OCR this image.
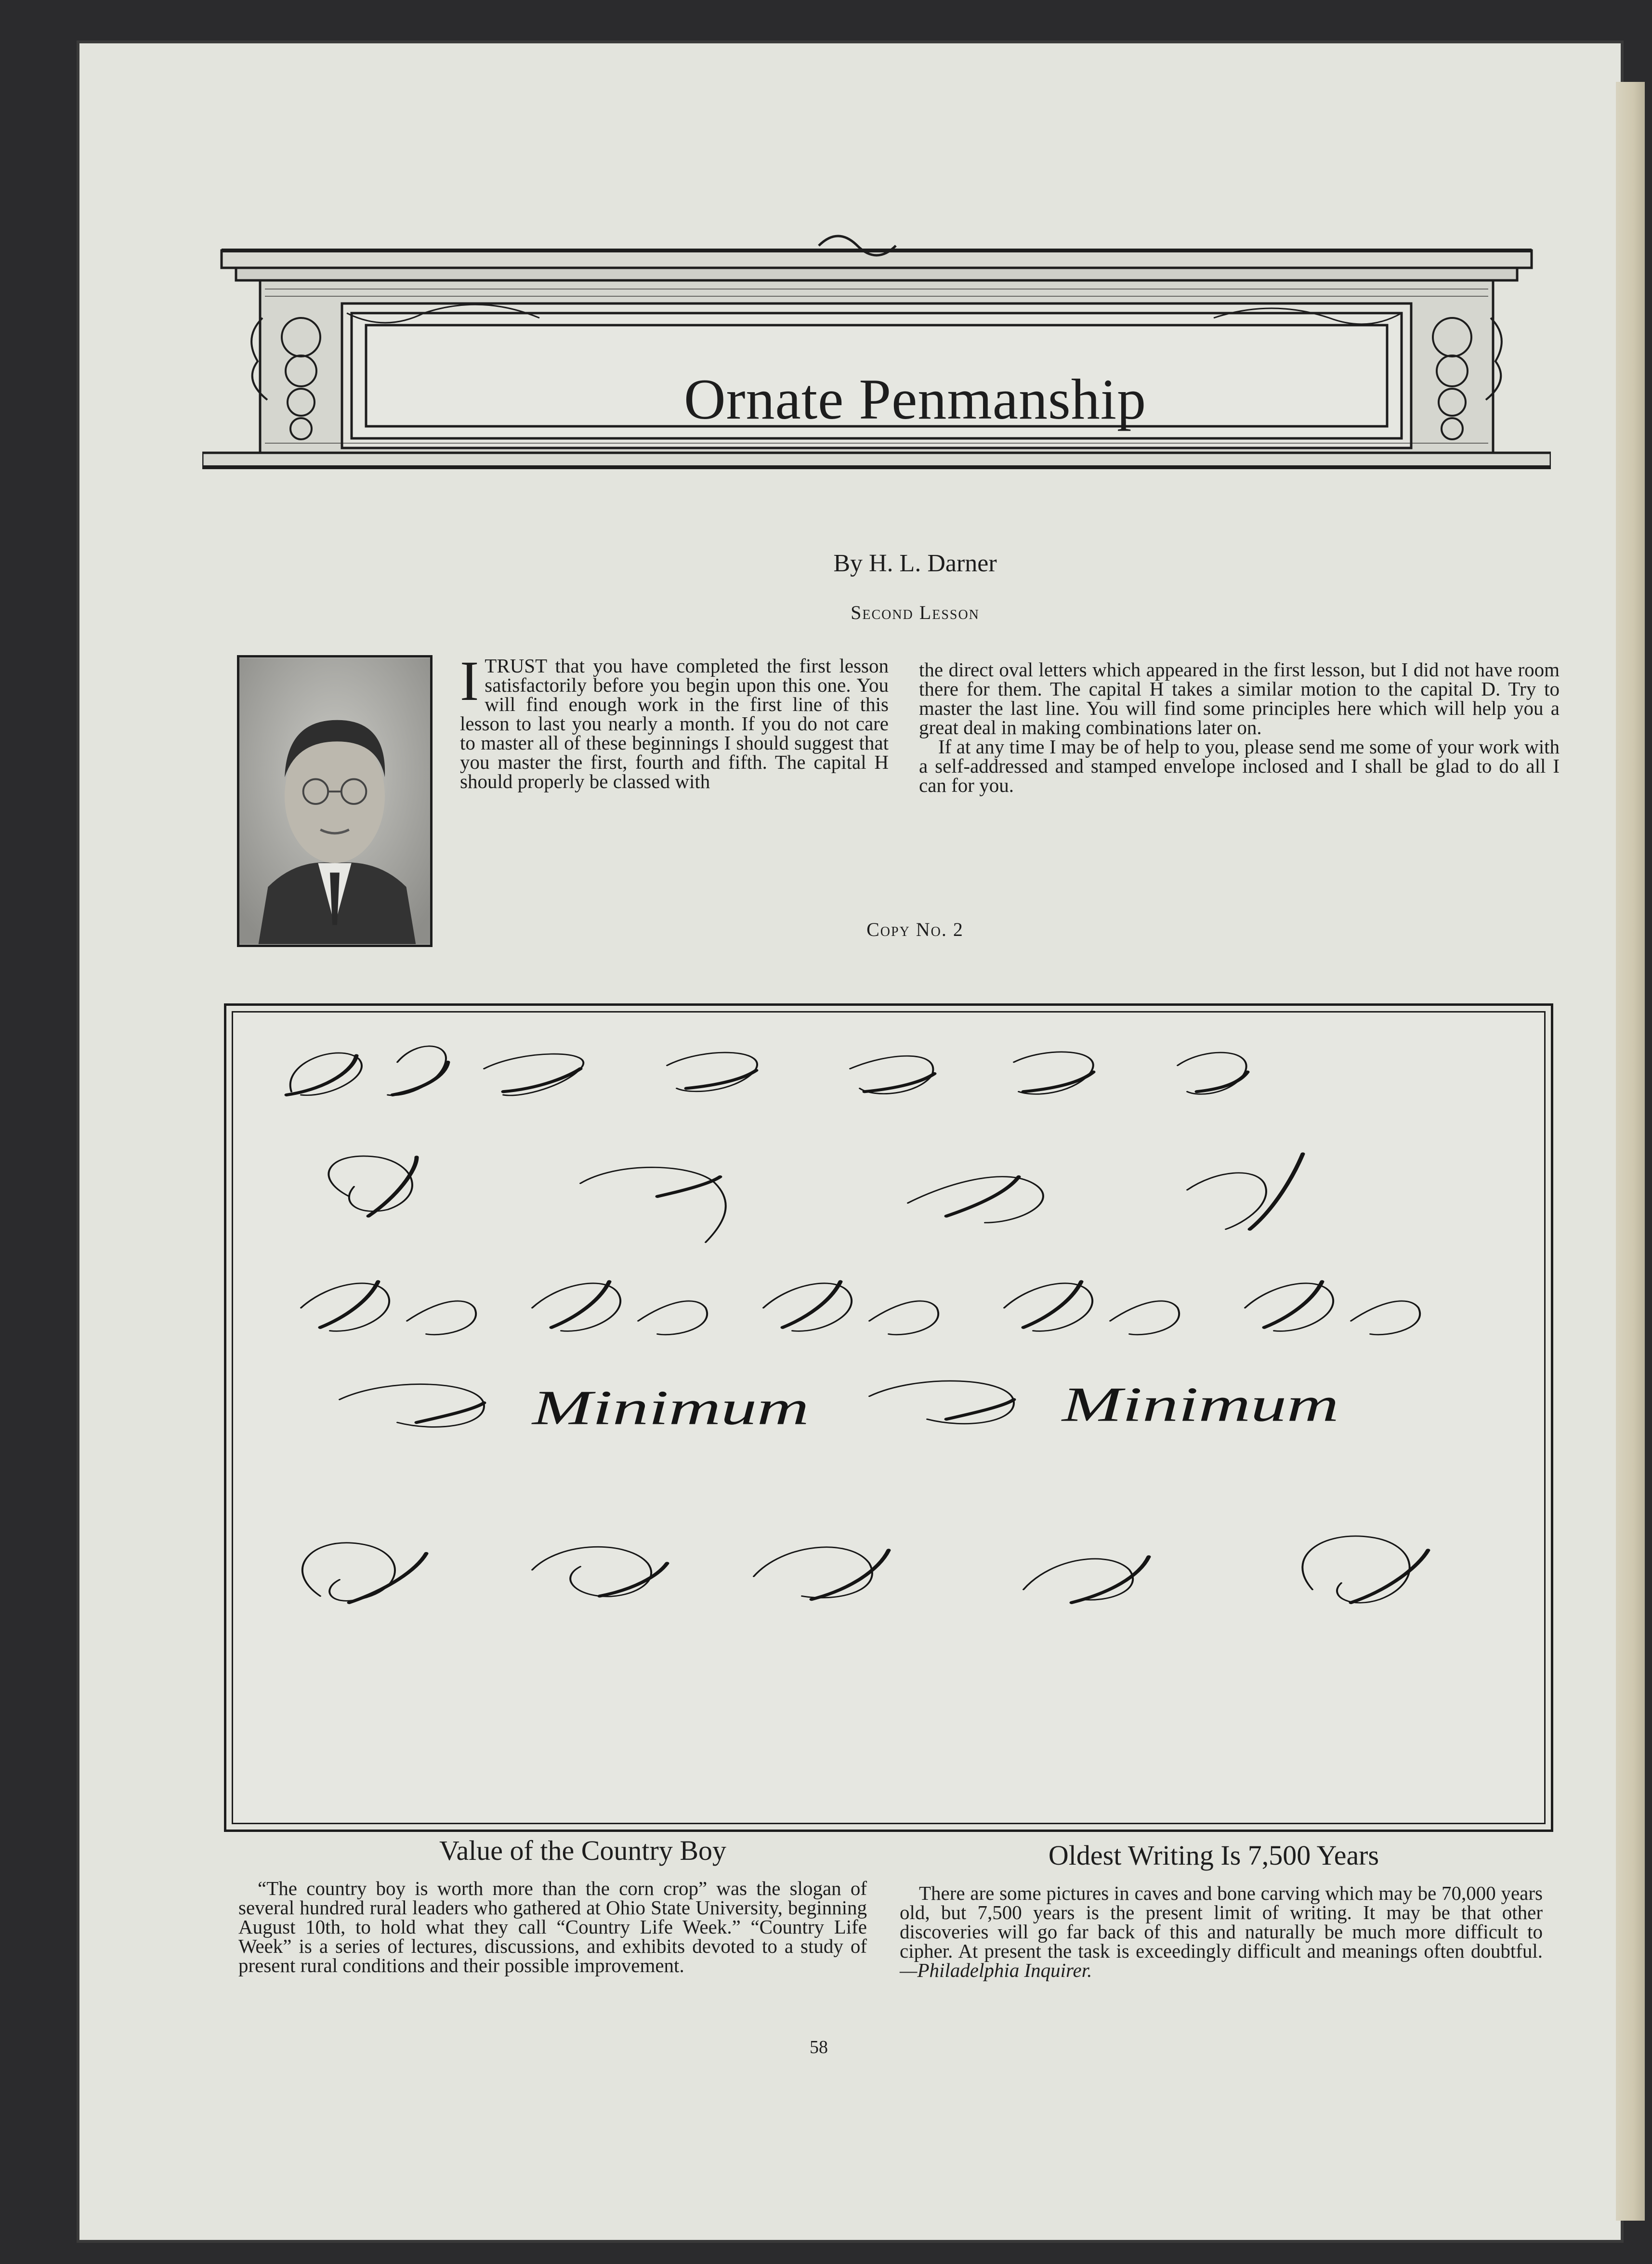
Ornate Penmanship
By H. L. Darner
Second Lesson

ITRUST that you have completed the first lesson satisfactorily before you begin upon this one. You will find enough work in the first line of this lesson to last you nearly a month. If you do not care to master all of these beginnings I should suggest that you master the first, fourth and fifth. The capital H should properly be classed with

the direct oval letters which appeared in the first lesson, but I did not have room there for them. The capital H takes a similar motion to the capital D. Try to master the last line. You will find some principles here which will help you a great deal in making combinations later on.

If at any time I may be of help to you, please send me some of your work with a self-addressed and stamped envelope inclosed and I shall be glad to do all I can for you.

Copy No. 2
Minimum	Minimum
Value of the Country Boy	Oldest Writing Is 7,500 Years

“The country boy is worth more than the corn crop” was the slogan of several hundred rural leaders who gathered at Ohio State University, beginning August 10th, to hold what they call “Country Life Week.” “Country Life Week” is a series of lectures, discussions, and exhibits devoted to a study of present rural conditions and their possible improvement.

There are some pictures in caves and bone carving which may be 70,000 years old, but 7,500 years is the present limit of writing. It may be that other discoveries will go far back of this and naturally be much more difficult to cipher. At present the task is exceedingly difficult and meanings often doubtful.—Philadelphia Inquirer.

58
